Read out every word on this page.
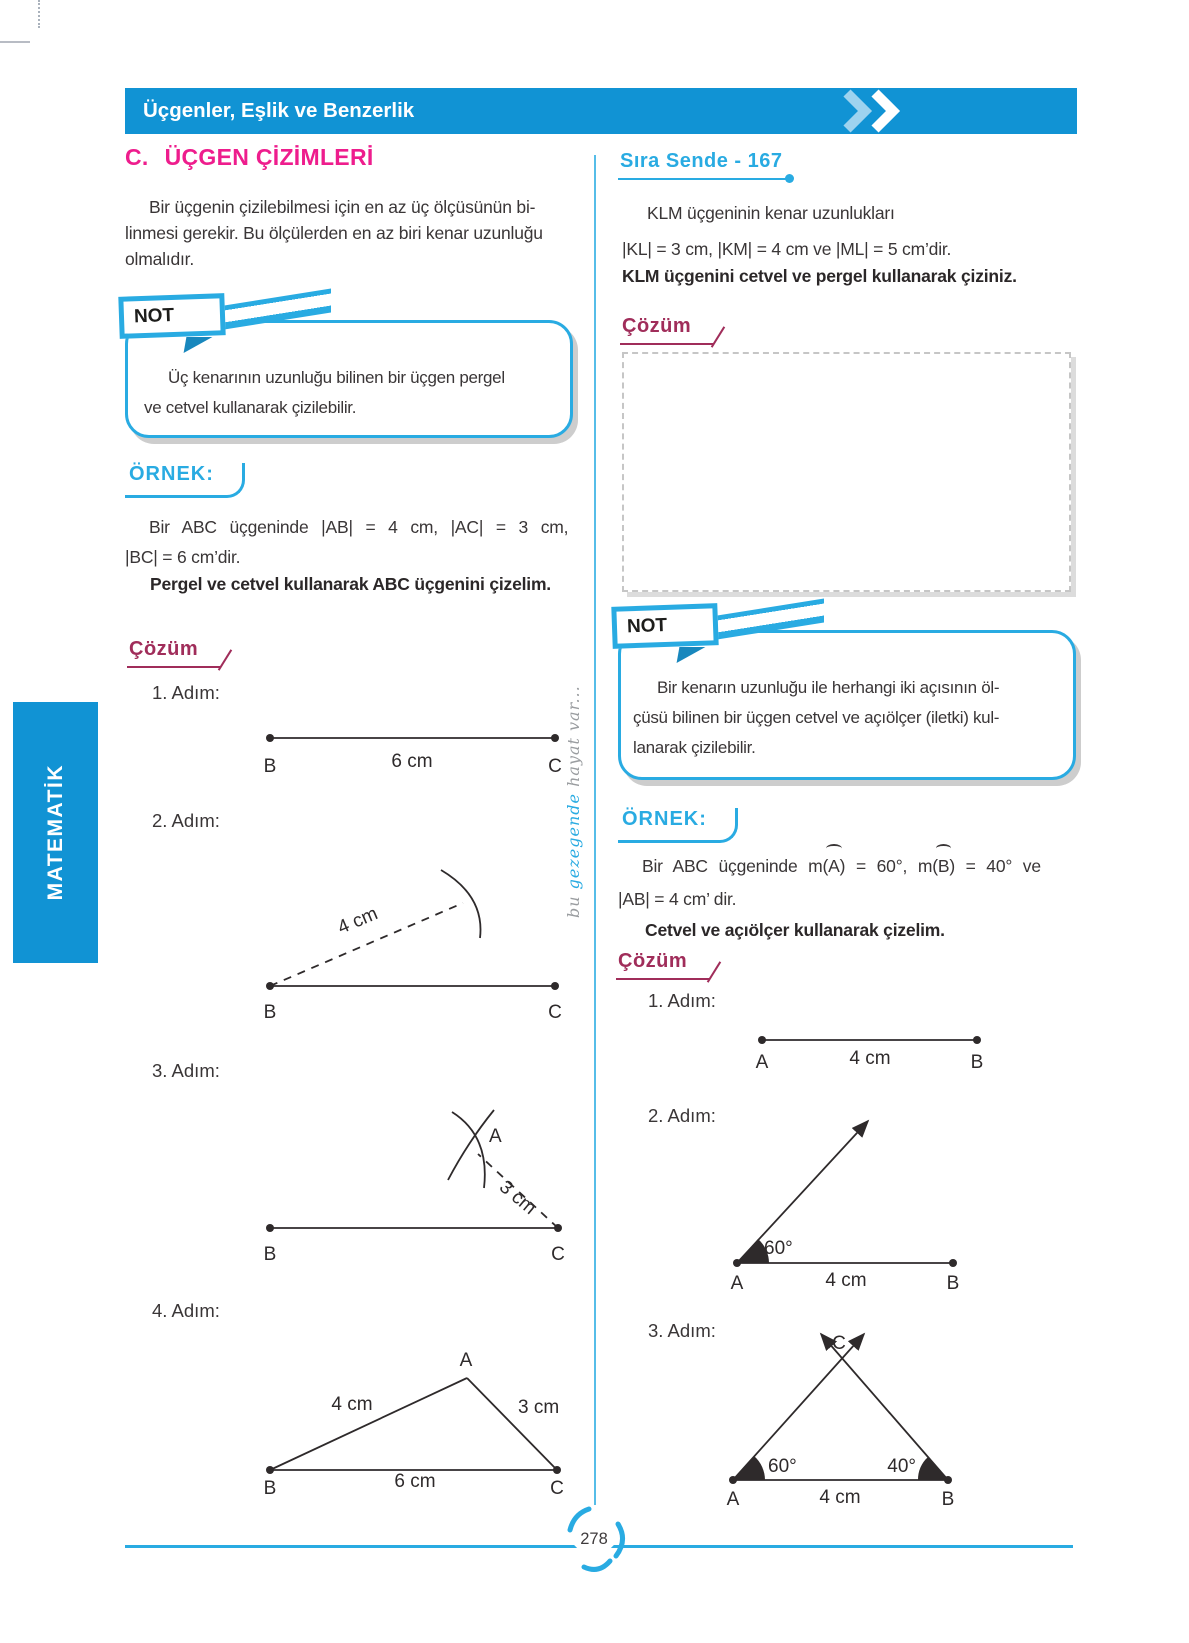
Üçgenler, Eşlik ve Benzerlik
MATEMATİK
bu gezegende hayat var...
C. ÜÇGEN ÇİZİMLERİ
Bir üçgenin çizilebilmesi için en az üç ölçüsünün bi-
linmesi gerekir. Bu ölçülerden en az biri kenar uzunluğu
olmalıdır.
NOT
Üç kenarının uzunluğu bilinen bir üçgen pergel
ve cetvel kullanarak çizilebilir.
ÖRNEK:
Bir ABC üçgeninde |AB| = 4 cm, |AC| = 3 cm,
|BC| = 6 cm’dir.
Pergel ve cetvel kullanarak ABC üçgenini çizelim.
Çözüm
1. Adım:
B	6 cm	C
2. Adım:
4 cm
B	C
3. Adım:
A
3 cm
B	C
4. Adım:
A
4 cm	3 cm
6 cm
B	C
Sıra Sende - 167
KLM üçgeninin kenar uzunlukları
|KL| = 3 cm, |KM| = 4 cm ve |ML| = 5 cm’dir.
KLM üçgenini cetvel ve pergel kullanarak çiziniz.
Çözüm
NOT
Bir kenarın uzunluğu ile herhangi iki açısının öl-
çüsü bilinen bir üçgen cetvel ve açıölçer (iletki) kul-
lanarak çizilebilir.
ÖRNEK:
Bir ABC üçgeninde m(A) = 60°, m(B) = 40° ve
|AB| = 4 cm’ dir.
Cetvel ve açıölçer kullanarak çizelim.
Çözüm
1. Adım:
A	4 cm	B
2. Adım:
60°
A	4 cm	B
3. Adım:
C
60°	40°
A	4 cm	B
278
